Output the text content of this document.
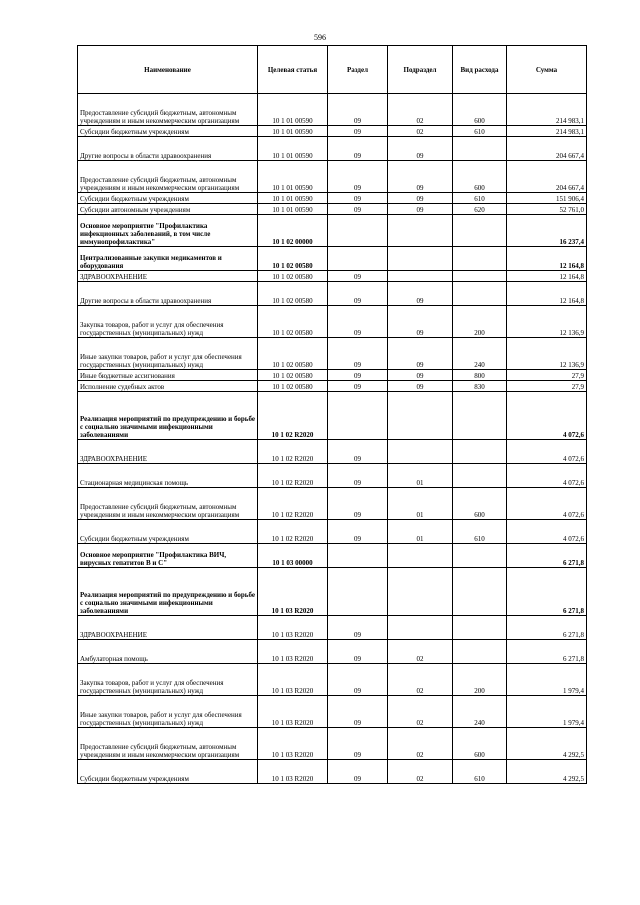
596
Наименование	Целевая статья	Раздел	Подраздел	Вид расхода	Сумма
Предоставление субсидий бюджетным, автономным учреждениям и иным некоммерческим организациям	10 1 01 00590	09	02	600	214 983,1
Субсидии бюджетным учреждениям	10 1 01 00590	09	02	610	214 983,1
Другие вопросы в области здравоохранения	10 1 01 00590	09	09		204 667,4
Предоставление субсидий бюджетным, автономным учреждениям и иным некоммерческим организациям	10 1 01 00590	09	09	600	204 667,4
Субсидии бюджетным учреждениям	10 1 01 00590	09	09	610	151 906,4
Субсидии автономным учреждениям	10 1 01 00590	09	09	620	52 761,0
Основное мероприятие "Профилактика инфекционных заболеваний, в том числе иммунопрофилактика"	10 1 02 00000				16 237,4
Централизованные закупки медикаментов и оборудования	10 1 02 00580				12 164,8
ЗДРАВООХРАНЕНИЕ	10 1 02 00580	09			12 164,8
Другие вопросы в области здравоохранения	10 1 02 00580	09	09		12 164,8
Закупка товаров, работ и услуг для обеспечения государственных (муниципальных) нужд	10 1 02 00580	09	09	200	12 136,9
Иные закупки товаров, работ и услуг для обеспечения государственных (муниципальных) нужд	10 1 02 00580	09	09	240	12 136,9
Иные бюджетные ассигнования	10 1 02 00580	09	09	800	27,9
Исполнение судебных актов	10 1 02 00580	09	09	830	27,9
Реализация мероприятий по предупреждению и борьбе с социально значимыми инфекционными заболеваниями	10 1 02 R2020				4 072,6
ЗДРАВООХРАНЕНИЕ	10 1 02 R2020	09			4 072,6
Стационарная медицинская помощь	10 1 02 R2020	09	01		4 072,6
Предоставление субсидий бюджетным, автономным учреждениям и иным некоммерческим организациям	10 1 02 R2020	09	01	600	4 072,6
Субсидии бюджетным учреждениям	10 1 02 R2020	09	01	610	4 072,6
Основное мероприятие "Профилактика ВИЧ, вирусных гепатитов В и С"	10 1 03 00000				6 271,8
Реализация мероприятий по предупреждению и борьбе с социально значимыми инфекционными заболеваниями	10 1 03 R2020				6 271,8
ЗДРАВООХРАНЕНИЕ	10 1 03 R2020	09			6 271,8
Амбулаторная помощь	10 1 03 R2020	09	02		6 271,8
Закупка товаров, работ и услуг для обеспечения государственных (муниципальных) нужд	10 1 03 R2020	09	02	200	1 979,4
Иные закупки товаров, работ и услуг для обеспечения государственных (муниципальных) нужд	10 1 03 R2020	09	02	240	1 979,4
Предоставление субсидий бюджетным, автономным учреждениям и иным некоммерческим организациям	10 1 03 R2020	09	02	600	4 292,5
Субсидии бюджетным учреждениям	10 1 03 R2020	09	02	610	4 292,5
